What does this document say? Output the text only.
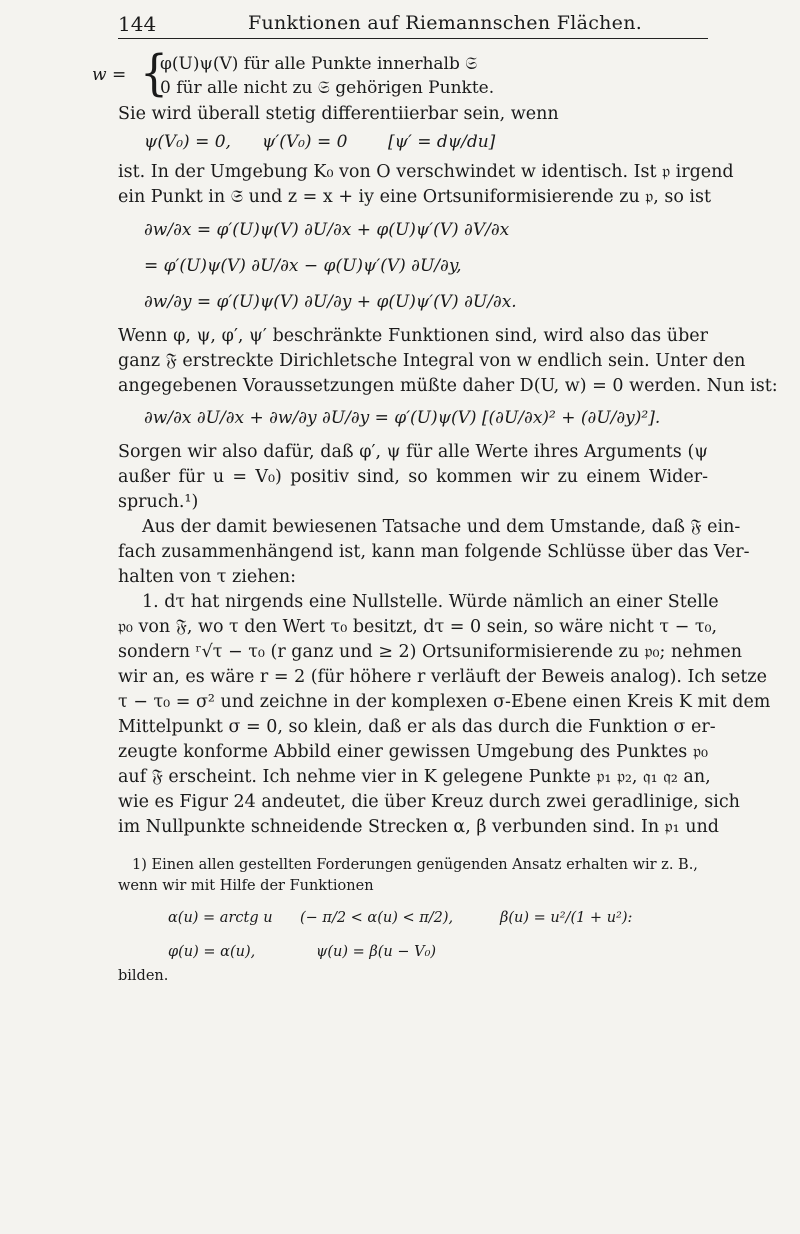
144	Funktionen auf Riemannschen Flächen.
w = {
φ(U)ψ(V) für alle Punkte innerhalb 𝔖
0 für alle nicht zu 𝔖 gehörigen Punkte.
Sie wird überall stetig differentiierbar sein, wenn
ψ(V₀) = 0, ψ′(V₀) = 0 [ψ′ = dψ/du]
ist. In der Umgebung K₀ von O verschwindet w identisch. Ist 𝔭 irgend
ein Punkt in 𝔖 und z = x + iy eine Ortsuniformisierende zu 𝔭, so ist
∂w/∂x = φ′(U)ψ(V) ∂U/∂x + φ(U)ψ′(V) ∂V/∂x
= φ′(U)ψ(V) ∂U/∂x − φ(U)ψ′(V) ∂U/∂y,
∂w/∂y = φ′(U)ψ(V) ∂U/∂y + φ(U)ψ′(V) ∂U/∂x.
Wenn φ, ψ, φ′, ψ′ beschränkte Funktionen sind, wird also das über
ganz 𝔉 erstreckte Dirichletsche Integral von w endlich sein. Unter den
angegebenen Voraussetzungen müßte daher D(U, w) = 0 werden. Nun ist:
∂w/∂x ∂U/∂x + ∂w/∂y ∂U/∂y = φ′(U)ψ(V) [(∂U/∂x)² + (∂U/∂y)²].
Sorgen wir also dafür, daß φ′, ψ für alle Werte ihres Arguments (ψ
außer für u = V₀) positiv sind, so kommen wir zu einem Wider-
spruch.¹)
Aus der damit bewiesenen Tatsache und dem Umstande, daß 𝔉 ein-
fach zusammenhängend ist, kann man folgende Schlüsse über das Ver-
halten von τ ziehen:
1. dτ hat nirgends eine Nullstelle. Würde nämlich an einer Stelle
𝔭₀ von 𝔉, wo τ den Wert τ₀ besitzt, dτ = 0 sein, so wäre nicht τ − τ₀,
sondern ʳ√τ − τ₀ (r ganz und ≥ 2) Ortsuniformisierende zu 𝔭₀; nehmen
wir an, es wäre r = 2 (für höhere r verläuft der Beweis analog). Ich setze
τ − τ₀ = σ² und zeichne in der komplexen σ-Ebene einen Kreis K mit dem
Mittelpunkt σ = 0, so klein, daß er als das durch die Funktion σ er-
zeugte konforme Abbild einer gewissen Umgebung des Punktes 𝔭₀
auf 𝔉 erscheint. Ich nehme vier in K gelegene Punkte 𝔭₁ 𝔭₂, 𝔮₁ 𝔮₂ an,
wie es Figur 24 andeutet, die über Kreuz durch zwei geradlinige, sich
im Nullpunkte schneidende Strecken α, β verbunden sind. In 𝔭₁ und
1) Einen allen gestellten Forderungen genügenden Ansatz erhalten wir z. B.,
wenn wir mit Hilfe der Funktionen
α(u) = arctg u (− π/2 < α(u) < π/2),	β(u) = u²/(1 + u²):
φ(u) = α(u),	ψ(u) = β(u − V₀)
bilden.
